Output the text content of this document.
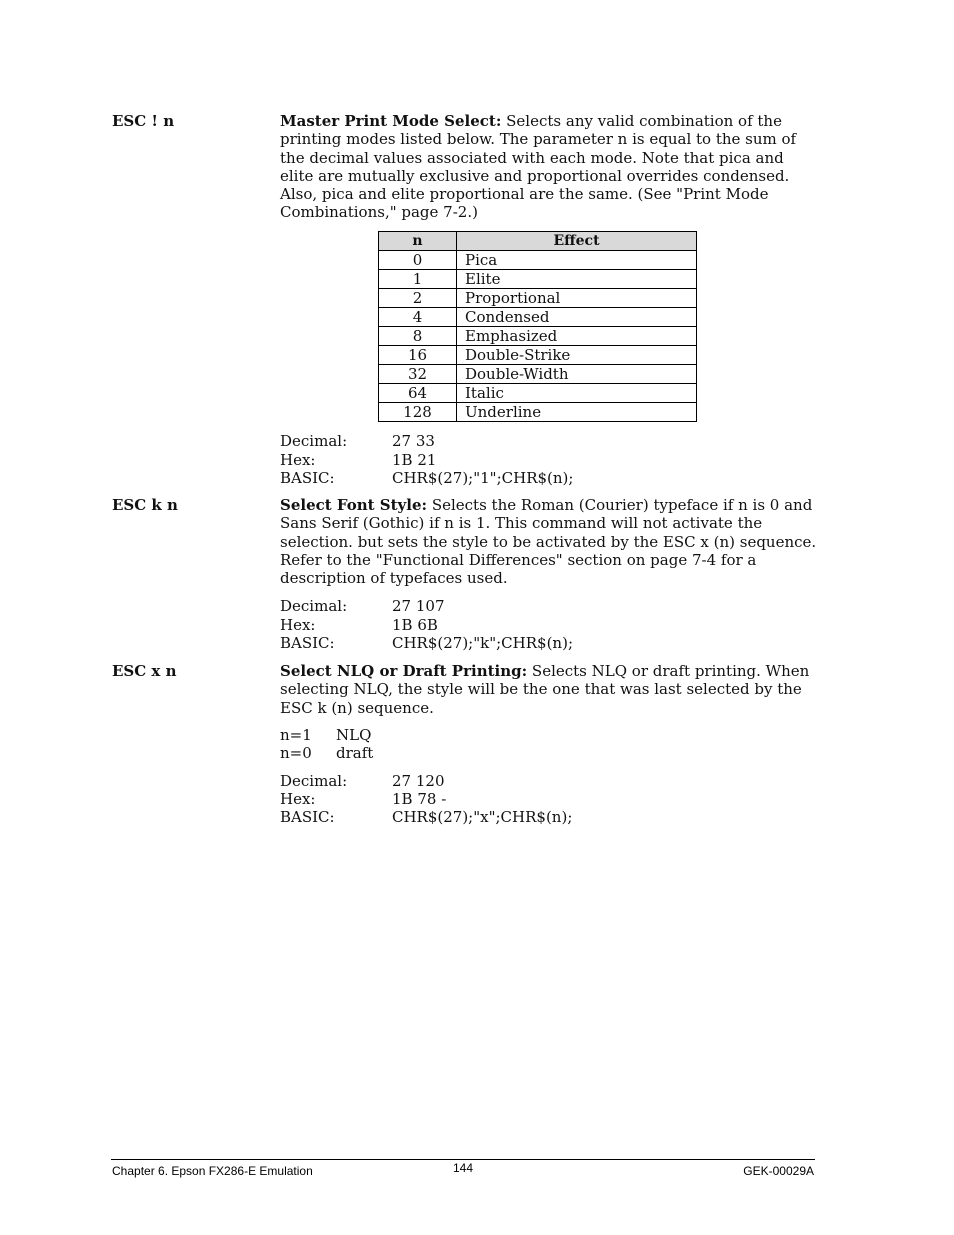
ESC ! n	Master Print Mode Select: Selects any valid combination of the printing modes listed below. The parameter n is equal to the sum of the decimal values associated with each mode. Note that pica and elite are mutually exclusive and proportional overrides condensed. Also, pica and elite proportional are the same. (See "Print Mode Combinations," page 7-2.)
n	Effect
0	Pica
1	Elite
2	Proportional
4	Condensed
8	Emphasized
16	Double-Strike
32	Double-Width
64	Italic
128	Underline
Decimal:	27 33
Hex:	1B 21
BASIC:	CHR$(27);"1";CHR$(n);
ESC k n	Select Font Style: Selects the Roman (Courier) typeface if n is 0 and Sans Serif (Gothic) if n is 1. This command will not activate the selection. but sets the style to be activated by the ESC x (n) sequence. Refer to the "Functional Differences" section on page 7-4 for a description of typefaces used.
Decimal:	27 107
Hex:	1B 6B
BASIC:	CHR$(27);"k";CHR$(n);
ESC x n	Select NLQ or Draft Printing: Selects NLQ or draft printing. When selecting NLQ, the style will be the one that was last selected by the ESC k (n) sequence.
n=1 NLQ
n=0 draft
Decimal:	27 120
Hex:	1B 78 -
BASIC:	CHR$(27);"x";CHR$(n);
Chapter 6. Epson FX286-E Emulation	144	GEK-00029A
